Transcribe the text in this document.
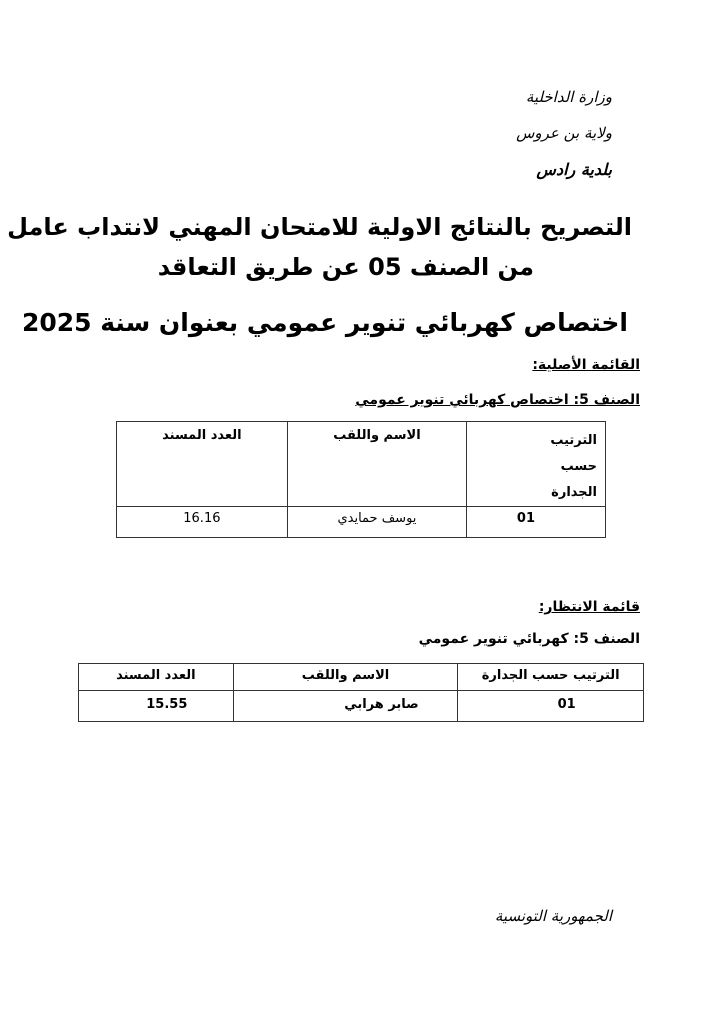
وزارة الداخلية
ولاية بن عروس
بلدية رادس
التصريح بالنتائج الاولية للامتحان المهني لانتداب عامل
من الصنف 05 عن طريق التعاقد
اختصاص كهربائي تنوير عمومي بعنوان سنة 2025
القائمة الأصلية:
الصنف 5: اختصاص كهربائي تنوير عمومي
الترتيب حسب الجدارة	الاسم واللقب	العدد المسند
01	يوسف حمايدي	16.16
قائمة الانتظار:
الصنف 5: كهربائي تنوير عمومي
الترتيب حسب الجدارة	الاسم واللقب	العدد المسند
01	صابر هرابي	15.55
الجمهورية التونسية
